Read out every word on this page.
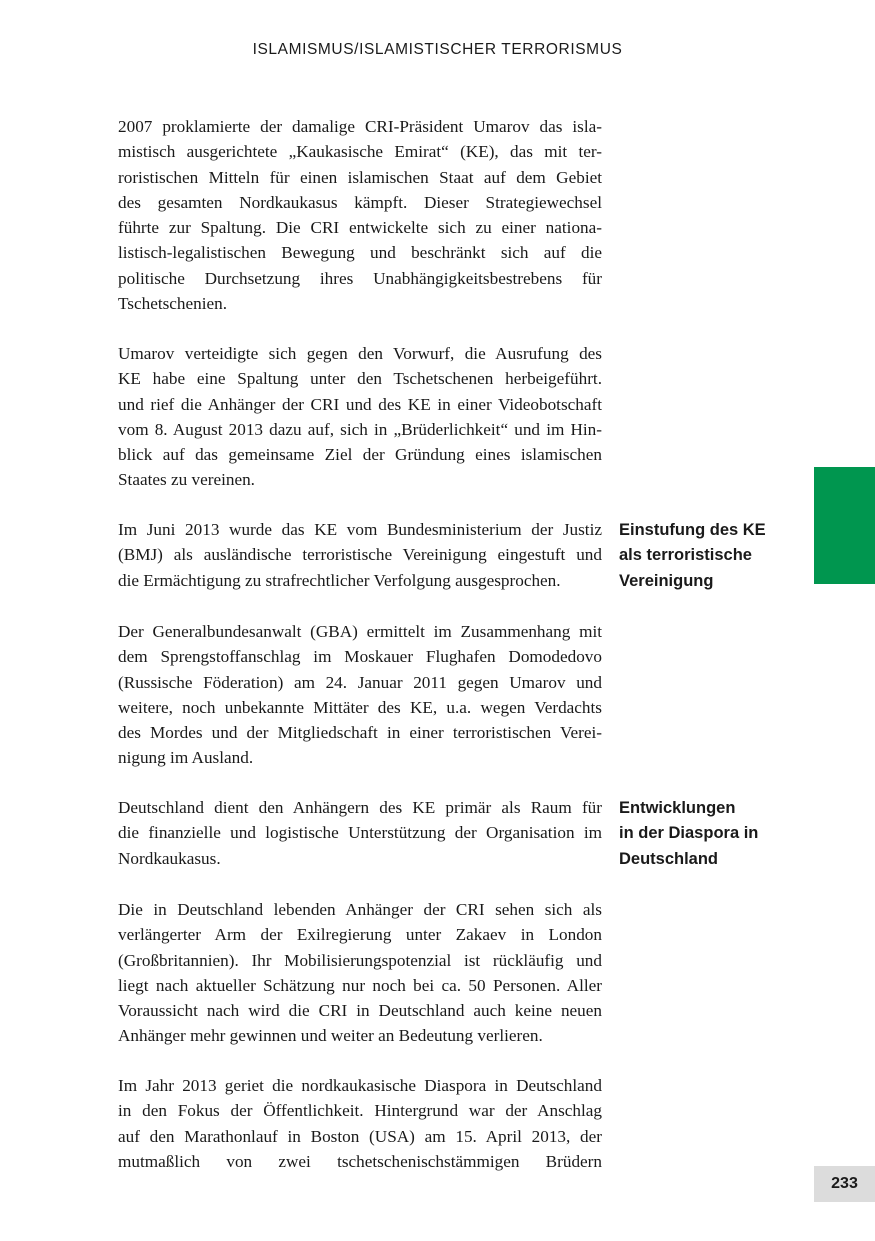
ISLAMISMUS/ISLAMISTISCHER TERRORISMUS
2007 proklamierte der damalige CRI-Präsident Umarov das isla-
mistisch ausgerichtete „Kaukasische Emirat“ (KE), das mit ter-
roristischen Mitteln für einen islamischen Staat auf dem Gebiet
des gesamten Nordkaukasus kämpft. Dieser Strategiewechsel
führte zur Spaltung. Die CRI entwickelte sich zu einer nationa-
listisch-legalistischen Bewegung und beschränkt sich auf die
politische Durchsetzung ihres Unabhängigkeitsbestrebens für
Tschetschenien.
Umarov verteidigte sich gegen den Vorwurf, die Ausrufung des
KE habe eine Spaltung unter den Tschetschenen herbeigeführt.
und rief die Anhänger der CRI und des KE in einer Videobotschaft
vom 8. August 2013 dazu auf, sich in „Brüderlichkeit“ und im Hin-
blick auf das gemeinsame Ziel der Gründung eines islamischen
Staates zu vereinen.
Im Juni 2013 wurde das KE vom Bundesministerium der Justiz
(BMJ) als ausländische terroristische Vereinigung eingestuft und
die Ermächtigung zu strafrechtlicher Verfolgung ausgesprochen.
Der Generalbundesanwalt (GBA) ermittelt im Zusammenhang mit
dem Sprengstoffanschlag im Moskauer Flughafen Domodedovo
(Russische Föderation) am 24. Januar 2011 gegen Umarov und
weitere, noch unbekannte Mittäter des KE, u.a. wegen Verdachts
des Mordes und der Mitgliedschaft in einer terroristischen Verei-
nigung im Ausland.
Deutschland dient den Anhängern des KE primär als Raum für
die finanzielle und logistische Unterstützung der Organisation im
Nordkaukasus.
Die in Deutschland lebenden Anhänger der CRI sehen sich als
verlängerter Arm der Exilregierung unter Zakaev in London
(Großbritannien). Ihr Mobilisierungspotenzial ist rückläufig und
liegt nach aktueller Schätzung nur noch bei ca. 50 Personen. Aller
Voraussicht nach wird die CRI in Deutschland auch keine neuen
Anhänger mehr gewinnen und weiter an Bedeutung verlieren.
Im Jahr 2013 geriet die nordkaukasische Diaspora in Deutschland
in den Fokus der Öffentlichkeit. Hintergrund war der Anschlag
auf den Marathonlauf in Boston (USA) am 15. April 2013, der
mutmaßlich von zwei tschetschenischstämmigen Brüdern
Einstufung des KE
als terroristische
Vereinigung
Entwicklungen
in der Diaspora in
Deutschland
233
